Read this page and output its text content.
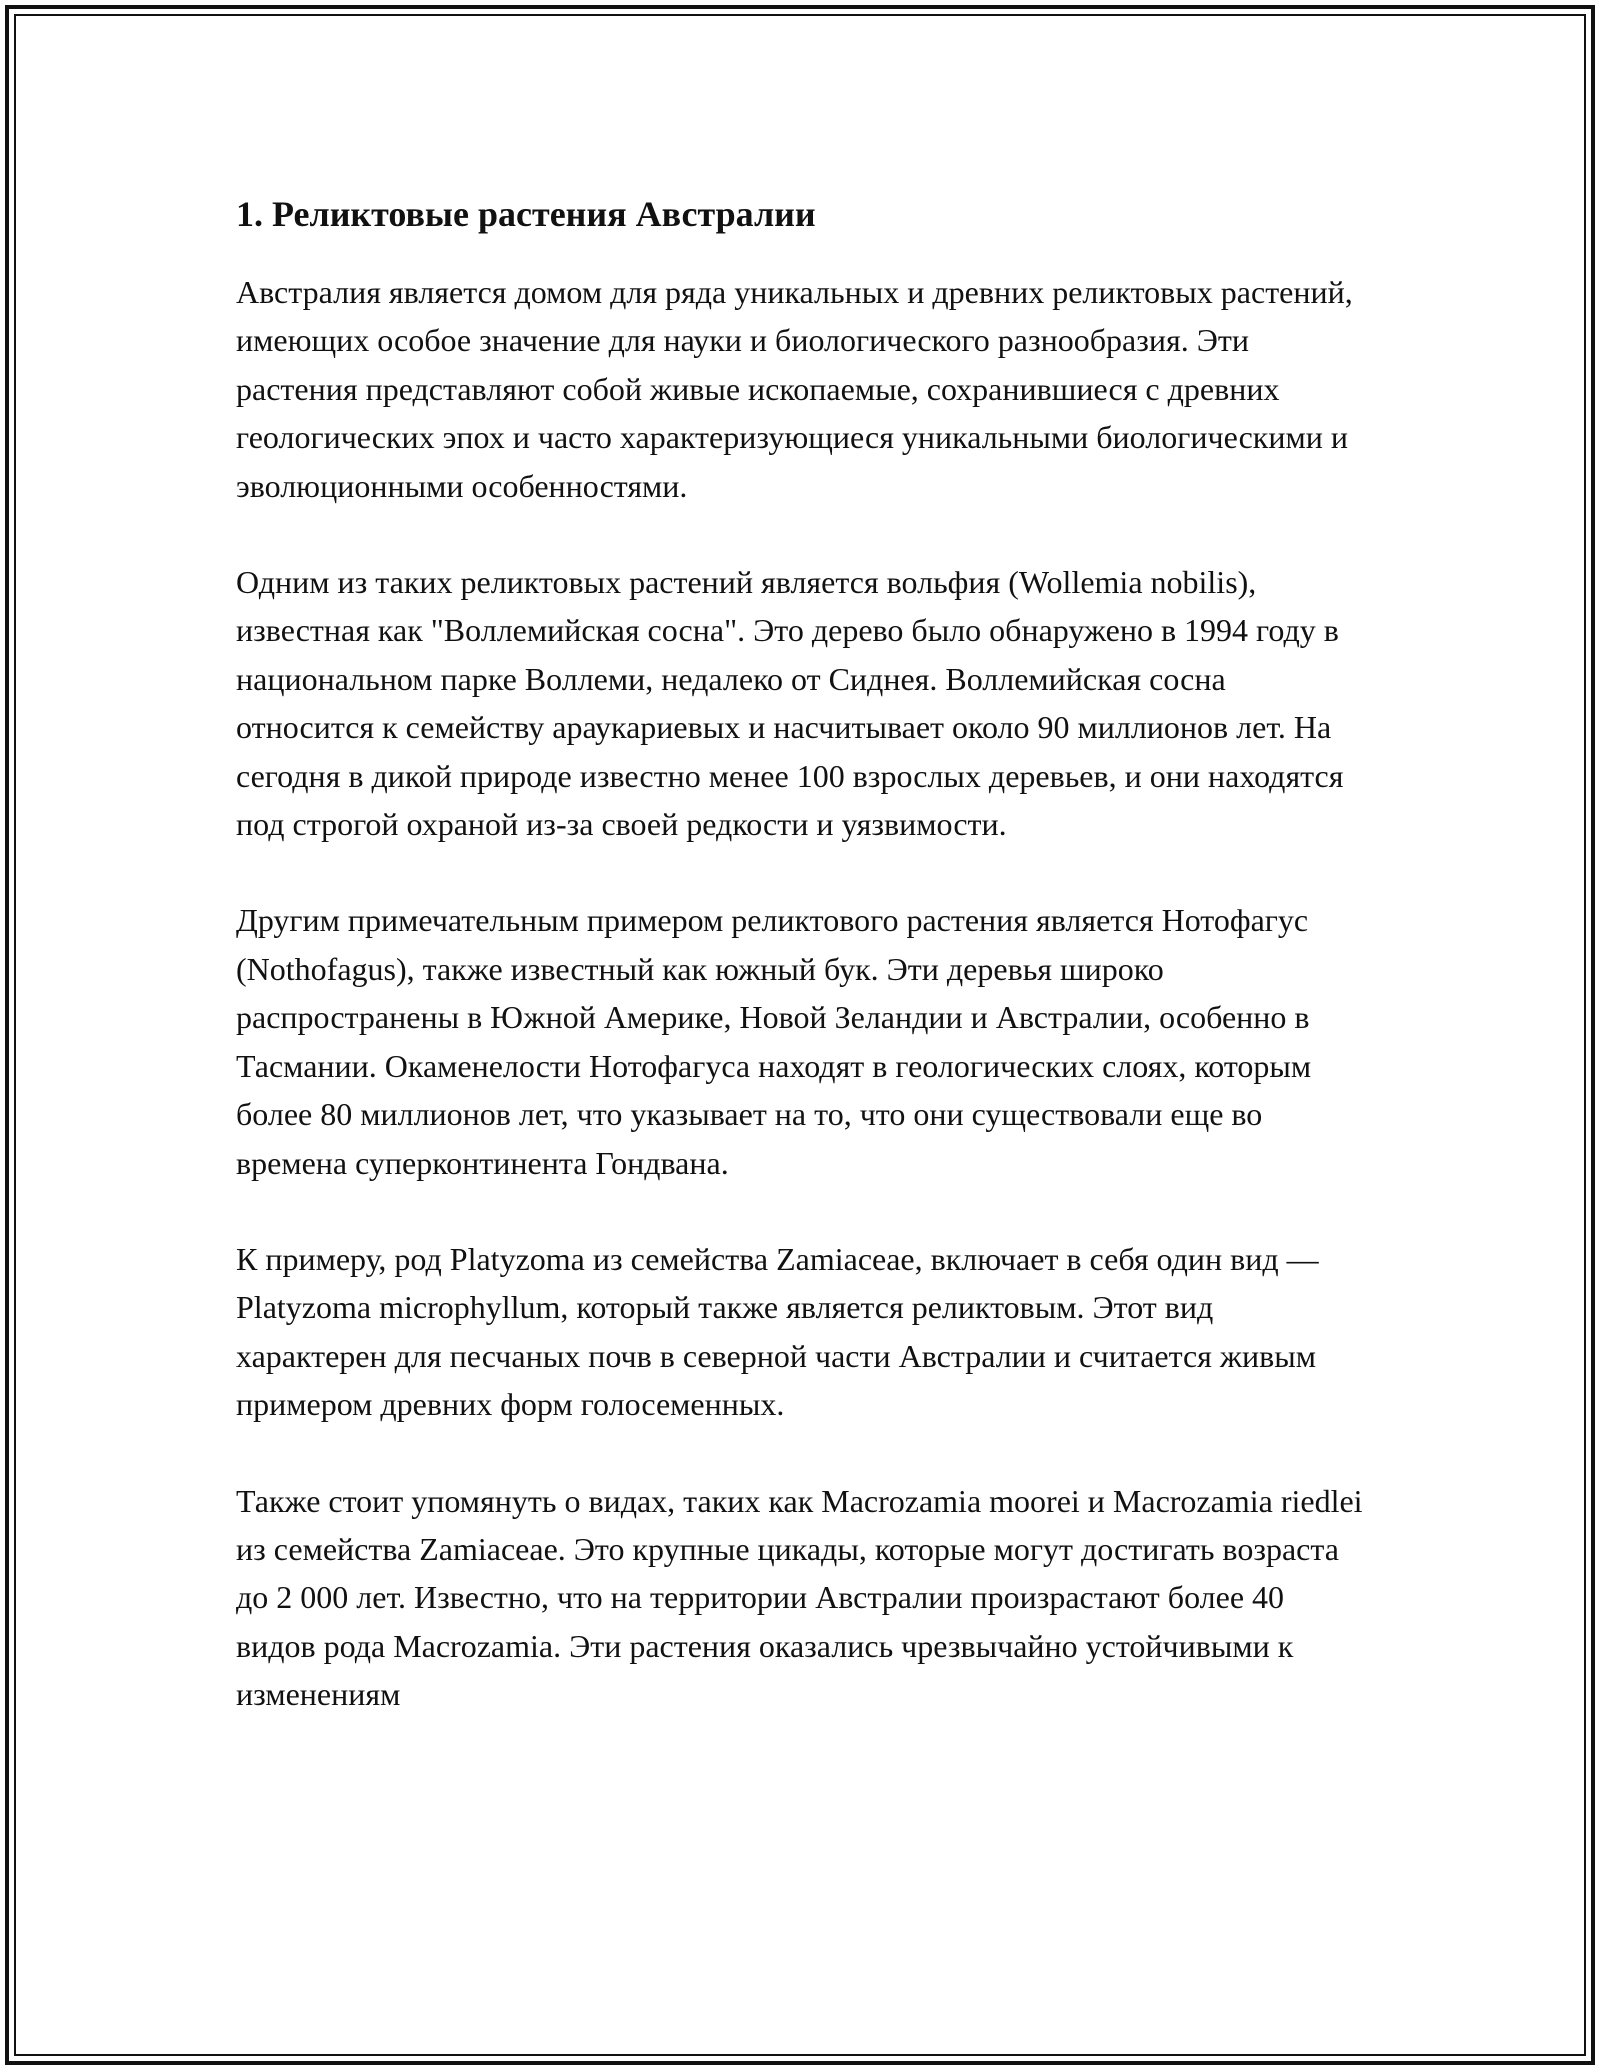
1. Реликтовые растения Австралии

Австралия является домом для ряда уникальных и древних реликтовых растений, имеющих особое значение для науки и биологического разнообразия. Эти растения представляют собой живые ископаемые, сохранившиеся с древних геологических эпох и часто характеризующиеся уникальными биологическими и эволюционными особенностями.

Одним из таких реликтовых растений является вольфия (Wollemia nobilis), известная как "Воллемийская сосна". Это дерево было обнаружено в 1994 году в национальном парке Воллеми, недалеко от Сиднея. Воллемийская сосна относится к семейству араукариевых и насчитывает около 90 миллионов лет. На сегодня в дикой природе известно менее 100 взрослых деревьев, и они находятся под строгой охраной из-за своей редкости и уязвимости.

Другим примечательным примером реликтового растения является Нотофагус (Nothofagus), также известный как южный бук. Эти деревья широко распространены в Южной Америке, Новой Зеландии и Австралии, особенно в Тасмании. Окаменелости Нотофагуса находят в геологических слоях, которым более 80 миллионов лет, что указывает на то, что они существовали еще во времена суперконтинента Гондвана.

К примеру, род Platyzoma из семейства Zamiaceae, включает в себя один вид — Platyzoma microphyllum, который также является реликтовым. Этот вид характерен для песчаных почв в северной части Австралии и считается живым примером древних форм голосеменных.

Также стоит упомянуть о видах, таких как Macrozamia moorei и Macrozamia riedlei из семейства Zamiaceae. Это крупные цикады, которые могут достигать возраста до 2 000 лет. Известно, что на территории Австралии произрастают более 40 видов рода Macrozamia. Эти растения оказались чрезвычайно устойчивыми к изменениям
